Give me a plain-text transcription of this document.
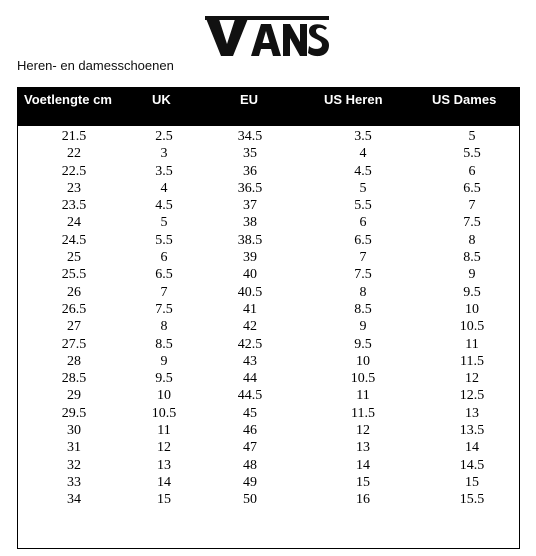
Heren- en damesschoenen
Voetlengte cm	UK	EU	US Heren	US Dames
21.5	2.5	34.5	3.5	5
22	3	35	4	5.5
22.5	3.5	36	4.5	6
23	4	36.5	5	6.5
23.5	4.5	37	5.5	7
24	5	38	6	7.5
24.5	5.5	38.5	6.5	8
25	6	39	7	8.5
25.5	6.5	40	7.5	9
26	7	40.5	8	9.5
26.5	7.5	41	8.5	10
27	8	42	9	10.5
27.5	8.5	42.5	9.5	11
28	9	43	10	11.5
28.5	9.5	44	10.5	12
29	10	44.5	11	12.5
29.5	10.5	45	11.5	13
30	11	46	12	13.5
31	12	47	13	14
32	13	48	14	14.5
33	14	49	15	15
34	15	50	16	15.5
